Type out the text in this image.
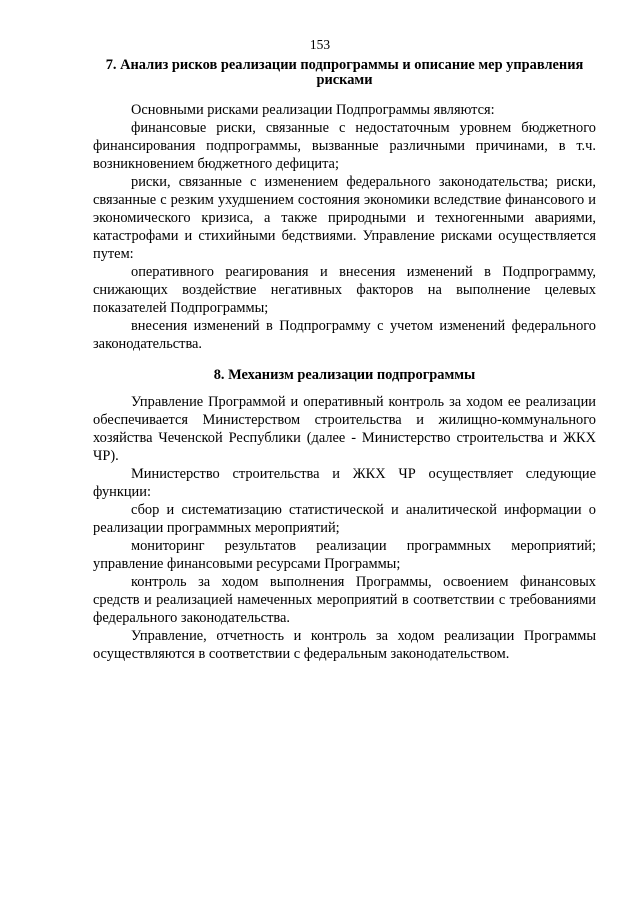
153
7. Анализ рисков реализации подпрограммы и описание мер управления рисками

Основными рисками реализации Подпрограммы являются:

финансовые риски, связанные с недостаточным уровнем бюджетного финансирования подпрограммы, вызванные различными причинами, в т.ч. возникновением бюджетного дефицита;

риски, связанные с изменением федерального законодательства; риски, связанные с резким ухудшением состояния экономики вследствие финансового и экономического кризиса, а также природными и техногенными авариями, катастрофами и стихийными бедствиями. Управление рисками осуществляется путем:

оперативного реагирования и внесения изменений в Подпрограмму, снижающих воздействие негативных факторов на выполнение целевых показателей Подпрограммы;

внесения изменений в Подпрограмму с учетом изменений федерального законодательства.

8. Механизм реализации подпрограммы

Управление Программой и оперативный контроль за ходом ее реализации обеспечивается Министерством строительства и жилищно-коммунального хозяйства Чеченской Республики (далее - Министерство строительства и ЖКХ ЧР).

Министерство строительства и ЖКХ ЧР осуществляет следующие функции:

сбор и систематизацию статистической и аналитической информации о реализации программных мероприятий;

мониторинг результатов реализации программных мероприятий; управление финансовыми ресурсами Программы;

контроль за ходом выполнения Программы, освоением финансовых средств и реализацией намеченных мероприятий в соответствии с требованиями федерального законодательства.

Управление, отчетность и контроль за ходом реализации Программы осуществляются в соответствии с федеральным законодательством.
